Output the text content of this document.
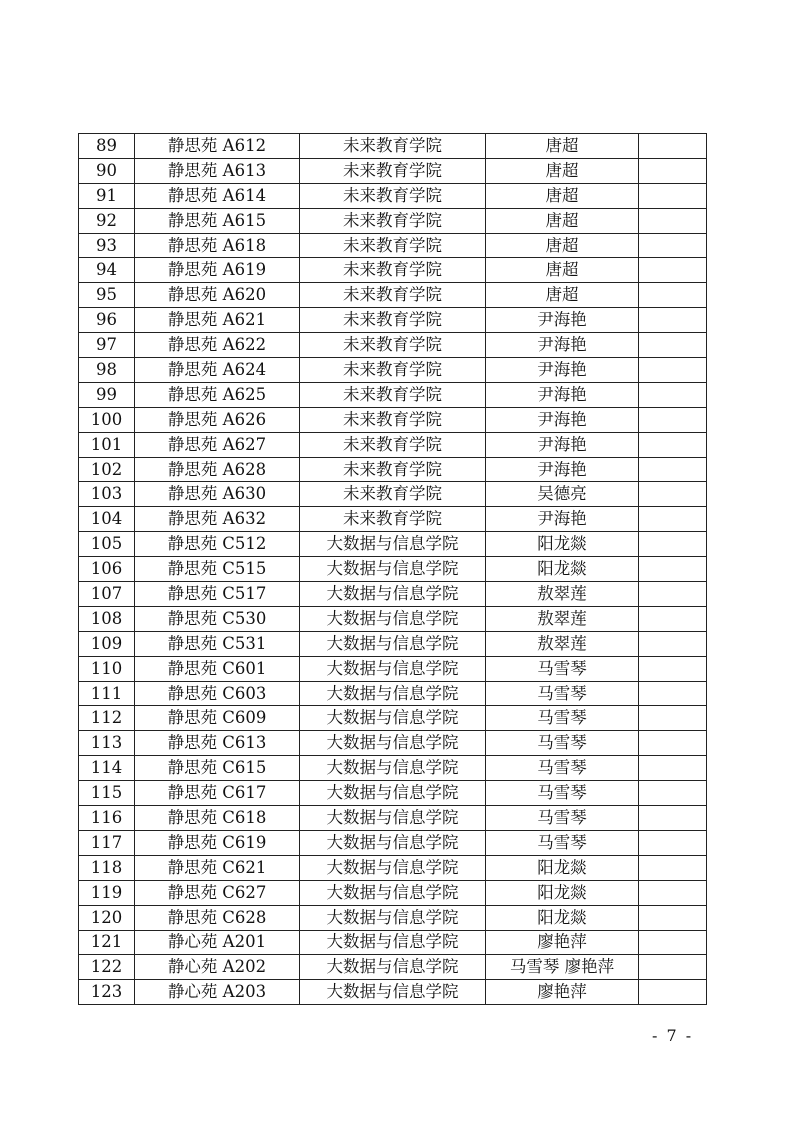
89	静思苑 A612	未来教育学院	唐超	
90	静思苑 A613	未来教育学院	唐超	
91	静思苑 A614	未来教育学院	唐超	
92	静思苑 A615	未来教育学院	唐超	
93	静思苑 A618	未来教育学院	唐超	
94	静思苑 A619	未来教育学院	唐超	
95	静思苑 A620	未来教育学院	唐超	
96	静思苑 A621	未来教育学院	尹海艳	
97	静思苑 A622	未来教育学院	尹海艳	
98	静思苑 A624	未来教育学院	尹海艳	
99	静思苑 A625	未来教育学院	尹海艳	
100	静思苑 A626	未来教育学院	尹海艳	
101	静思苑 A627	未来教育学院	尹海艳	
102	静思苑 A628	未来教育学院	尹海艳	
103	静思苑 A630	未来教育学院	吴德亮	
104	静思苑 A632	未来教育学院	尹海艳	
105	静思苑 C512	大数据与信息学院	阳龙燚	
106	静思苑 C515	大数据与信息学院	阳龙燚	
107	静思苑 C517	大数据与信息学院	敖翠莲	
108	静思苑 C530	大数据与信息学院	敖翠莲	
109	静思苑 C531	大数据与信息学院	敖翠莲	
110	静思苑 C601	大数据与信息学院	马雪琴	
111	静思苑 C603	大数据与信息学院	马雪琴	
112	静思苑 C609	大数据与信息学院	马雪琴	
113	静思苑 C613	大数据与信息学院	马雪琴	
114	静思苑 C615	大数据与信息学院	马雪琴	
115	静思苑 C617	大数据与信息学院	马雪琴	
116	静思苑 C618	大数据与信息学院	马雪琴	
117	静思苑 C619	大数据与信息学院	马雪琴	
118	静思苑 C621	大数据与信息学院	阳龙燚	
119	静思苑 C627	大数据与信息学院	阳龙燚	
120	静思苑 C628	大数据与信息学院	阳龙燚	
121	静心苑 A201	大数据与信息学院	廖艳萍	
122	静心苑 A202	大数据与信息学院	马雪琴 廖艳萍	
123	静心苑 A203	大数据与信息学院	廖艳萍	
- 7 -
